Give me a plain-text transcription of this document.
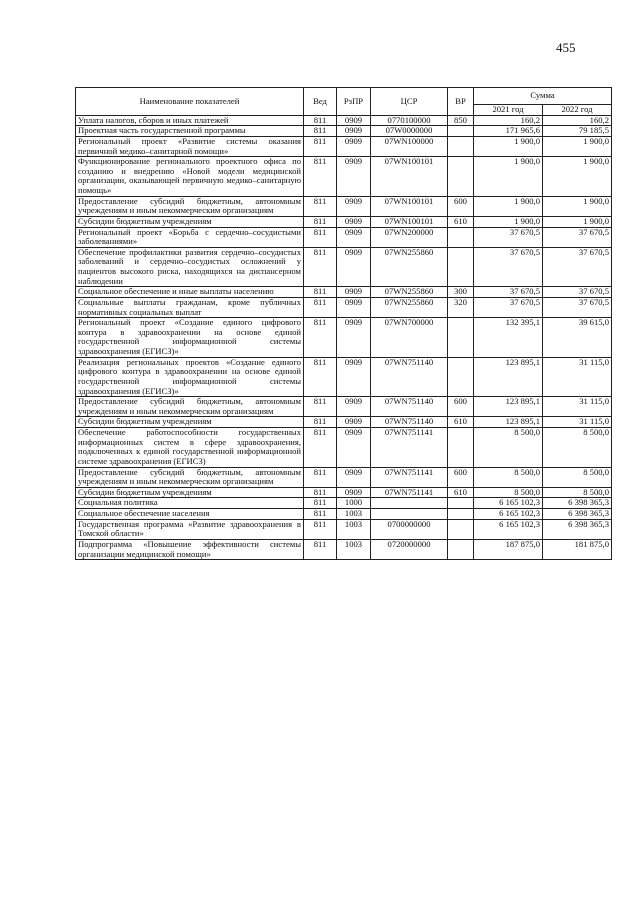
455
Наименование показателей	Вед	РзПР	ЦСР	ВР	Сумма	
					2021 год	2022 год
Уплата налогов, сборов и иных платежей	811	0909	0770100000	850	160,2	160,2
Проектная часть государственной программы	811	0909	07W0000000		171 965,6	79 185,5
Региональный проект «Развитие системы оказания первичной медико–санитарной помощи»	811	0909	07WN100000		1 900,0	1 900,0
Функционирование регионального проектного офиса по созданию и внедрению «Новой модели медицинской организации, оказывающей первичную медико–санитарную помощь»	811	0909	07WN100101		1 900,0	1 900,0
Предоставление субсидий бюджетным, автономным учреждениям и иным некоммерческим организациям	811	0909	07WN100101	600	1 900,0	1 900,0
Субсидии бюджетным учреждениям	811	0909	07WN100101	610	1 900,0	1 900,0
Региональный проект «Борьба с сердечно–сосудистыми заболеваниями»	811	0909	07WN200000		37 670,5	37 670,5
Обеспечение профилактики развития сердечно–сосудистых заболеваний и сердечно–сосудистых осложнений у пациентов высокого риска, находящихся на диспансерном наблюдении	811	0909	07WN255860		37 670,5	37 670,5
Социальное обеспечение и иные выплаты населению	811	0909	07WN255860	300	37 670,5	37 670,5
Социальные выплаты гражданам, кроме публичных нормативных социальных выплат	811	0909	07WN255860	320	37 670,5	37 670,5
Региональный проект «Создание единого цифрового контура в здравоохранении на основе единой государственной информационной системы здравоохранения (ЕГИСЗ)»	811	0909	07WN700000		132 395,1	39 615,0
Реализация региональных проектов «Создание единого цифрового контура в здравоохранении на основе единой государственной информационной системы здравоохранения (ЕГИСЗ)»	811	0909	07WN751140		123 895,1	31 115,0
Предоставление субсидий бюджетным, автономным учреждениям и иным некоммерческим организациям	811	0909	07WN751140	600	123 895,1	31 115,0
Субсидии бюджетным учреждениям	811	0909	07WN751140	610	123 895,1	31 115,0
Обеспечение работоспособности государственных информационных систем в сфере здравоохранения, подключенных к единой государственной информационной системе здравоохранения (ЕГИСЗ)	811	0909	07WN751141		8 500,0	8 500,0
Предоставление субсидий бюджетным, автономным учреждениям и иным некоммерческим организациям	811	0909	07WN751141	600	8 500,0	8 500,0
Субсидии бюджетным учреждениям	811	0909	07WN751141	610	8 500,0	8 500,0
Социальная политика	811	1000			6 165 102,3	6 398 365,3
Социальное обеспечение населения	811	1003			6 165 102,3	6 398 365,3
Государственная программа «Развитие здравоохранения в Томской области»	811	1003	0700000000		6 165 102,3	6 398 365,3
Подпрограмма «Повышение эффективности системы организации медицинской помощи»	811	1003	0720000000		187 875,0	181 875,0
